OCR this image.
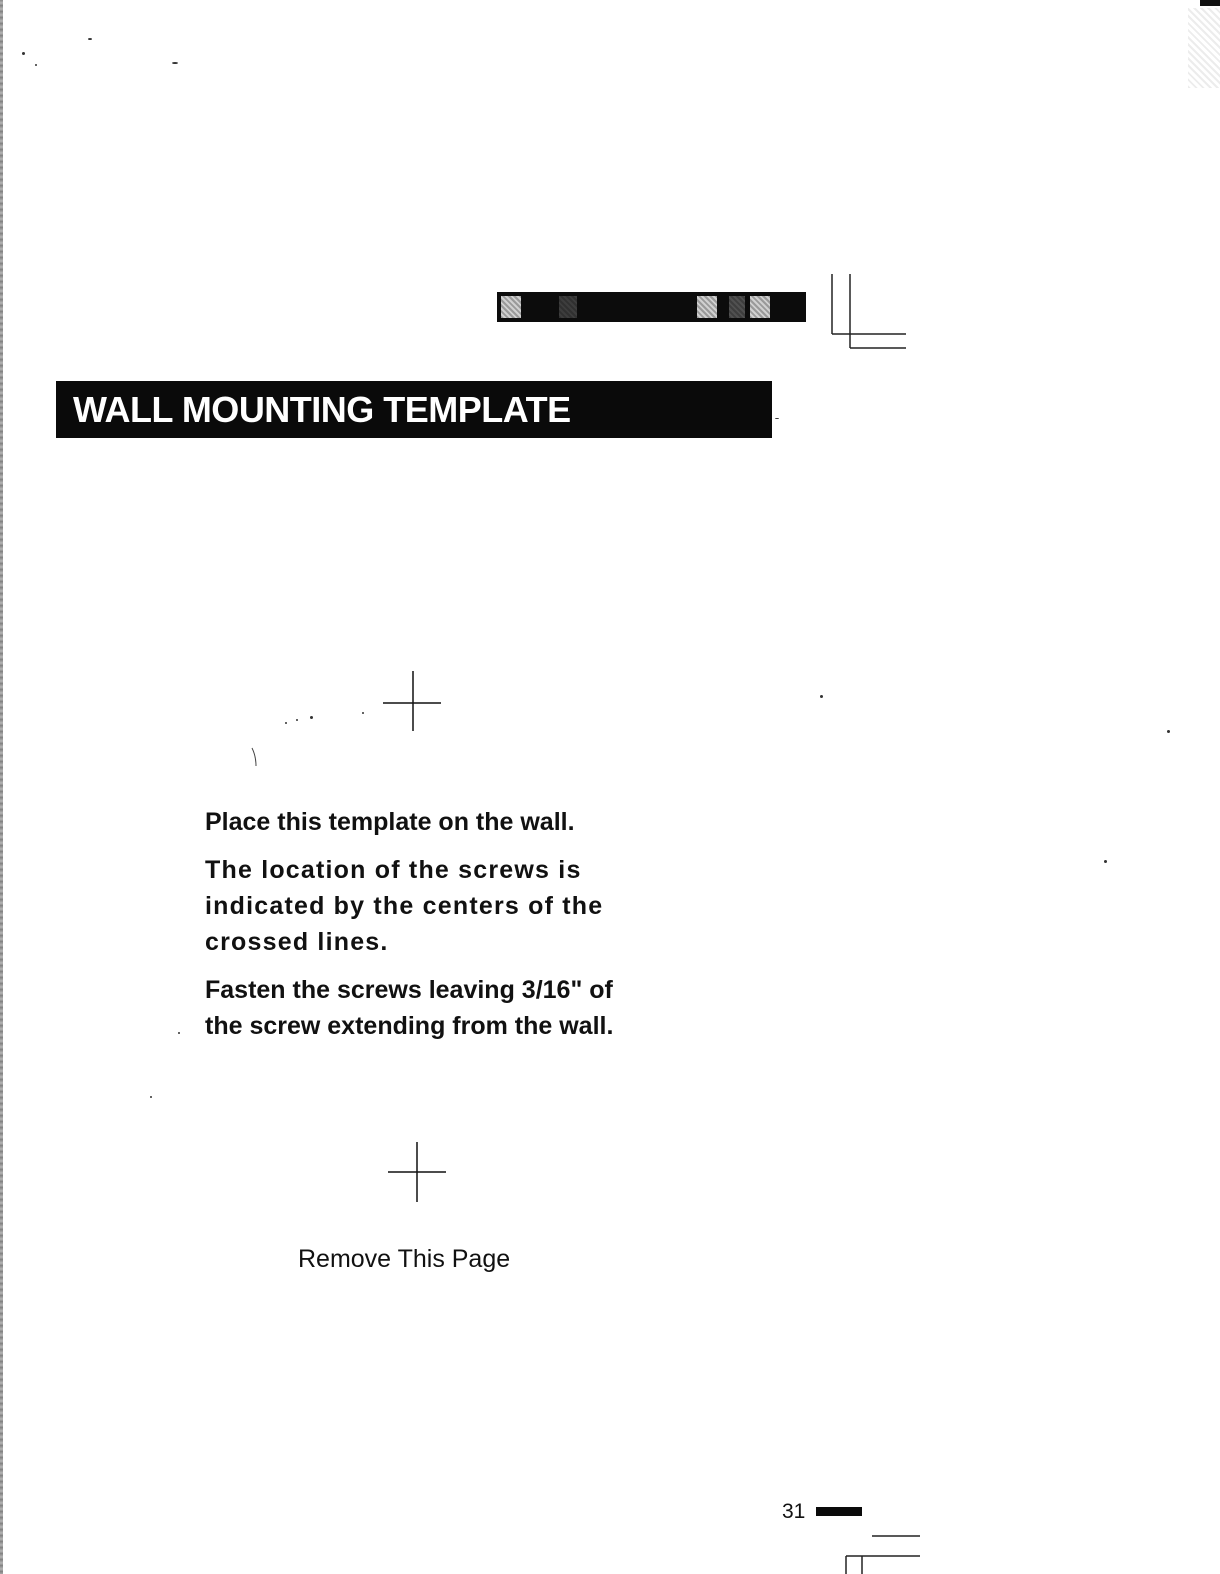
WALL MOUNTING TEMPLATE

Place this template on the wall.

The location of the screws is indicated by the centers of the crossed lines.

Fasten the screws leaving 3/16" of the screw extending from the wall.

Remove This Page
31
